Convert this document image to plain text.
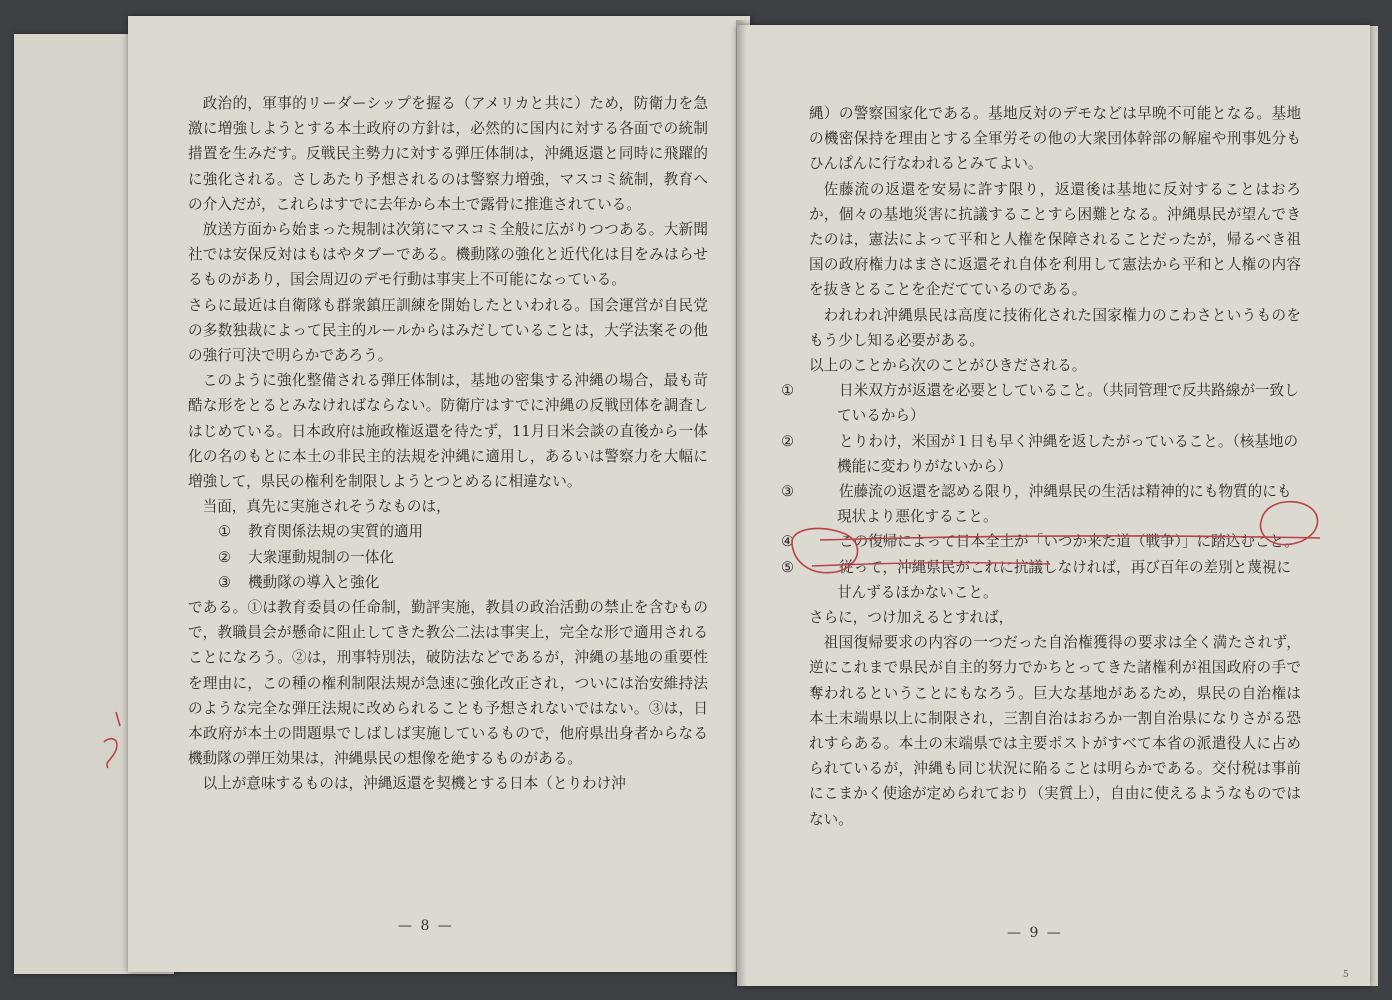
政治的，軍事的リーダーシップを握る（アメリカと共に）ため，防衛力を急激に増強しようとする本土政府の方針は，必然的に国内に対する各面での統制措置を生みだす。反戦民主勢力に対する弾圧体制は，沖縄返還と同時に飛躍的に強化される。さしあたり予想されるのは警察力増強，マスコミ統制，教育への介入だが，これらはすでに去年から本土で露骨に推進されている。

放送方面から始まった規制は次第にマスコミ全般に広がりつつある。大新聞社では安保反対はもはやタブーである。機動隊の強化と近代化は目をみはらせるものがあり，国会周辺のデモ行動は事実上不可能になっている。

さらに最近は自衛隊も群衆鎮圧訓練を開始したといわれる。国会運営が自民党の多数独裁によって民主的ルールからはみだしていることは，大学法案その他の強行可決で明らかであろう。

このように強化整備される弾圧体制は，基地の密集する沖縄の場合，最も苛酷な形をとるとみなければならない。防衛庁はすでに沖縄の反戦団体を調査しはじめている。日本政府は施政権返還を待たず，11月日米会談の直後から一体化の名のもとに本土の非民主的法規を沖縄に適用し，あるいは警察力を大幅に増強して，県民の権利を制限しようとつとめるに相違ない。

当面，真先に実施されそうなものは，

① 教育関係法規の実質的適用
② 大衆運動規制の一体化
③ 機動隊の導入と強化

である。①は教育委員の任命制，勤評実施，教員の政治活動の禁止を含むもので，教職員会が懸命に阻止してきた教公二法は事実上，完全な形で適用されることになろう。②は，刑事特別法，破防法などであるが，沖縄の基地の重要性を理由に，この種の権利制限法規が急速に強化改正され，ついには治安維持法のような完全な弾圧法規に改められることも予想されないではない。③は，日本政府が本土の問題県でしばしば実施しているもので，他府県出身者からなる機動隊の弾圧効果は，沖縄県民の想像を絶するものがある。

以上が意味するものは，沖縄返還を契機とする日本（とりわけ沖

— 8 —

縄）の警察国家化である。基地反対のデモなどは早晩不可能となる。基地の機密保持を理由とする全軍労その他の大衆団体幹部の解雇や刑事処分もひんぱんに行なわれるとみてよい。

佐藤流の返還を安易に許す限り，返還後は基地に反対することはおろか，個々の基地災害に抗議することすら困難となる。沖縄県民が望んできたのは，憲法によって平和と人権を保障されることだったが，帰るべき祖国の政府権力はまさに返還それ自体を利用して憲法から平和と人権の内容を抜きとることを企だてているのである。

われわれ沖縄県民は高度に技術化された国家権力のこわさというものをもう少し知る必要がある。

以上のことから次のことがひきだされる。

①	日米双方が返還を必要としていること。（共同管理で反共路線が一致しているから）
②	とりわけ，米国が１日も早く沖縄を返したがっていること。（核基地の機能に変わりがないから）
③	佐藤流の返還を認める限り，沖縄県民の生活は精神的にも物質的にも現状より悪化すること。
④	この復帰によって日本全土が「いつか来た道（戦争）」に踏込むこと。
⑤	従って，沖縄県民がこれに抗議しなければ，再び百年の差別と蔑視に甘んずるほかないこと。

さらに，つけ加えるとすれば，

祖国復帰要求の内容の一つだった自治権獲得の要求は全く満たされず，逆にこれまで県民が自主的努力でかちとってきた諸権利が祖国政府の手で奪われるということにもなろう。巨大な基地があるため，県民の自治権は本土末端県以上に制限され，三割自治はおろか一割自治県になりさがる恐れすらある。本土の末端県では主要ポストがすべて本省の派遣役人に占められているが，沖縄も同じ状況に陥ることは明らかである。交付税は事前にこまかく使途が定められており（実質上），自由に使えるようなものではない。

— 9 —
5
